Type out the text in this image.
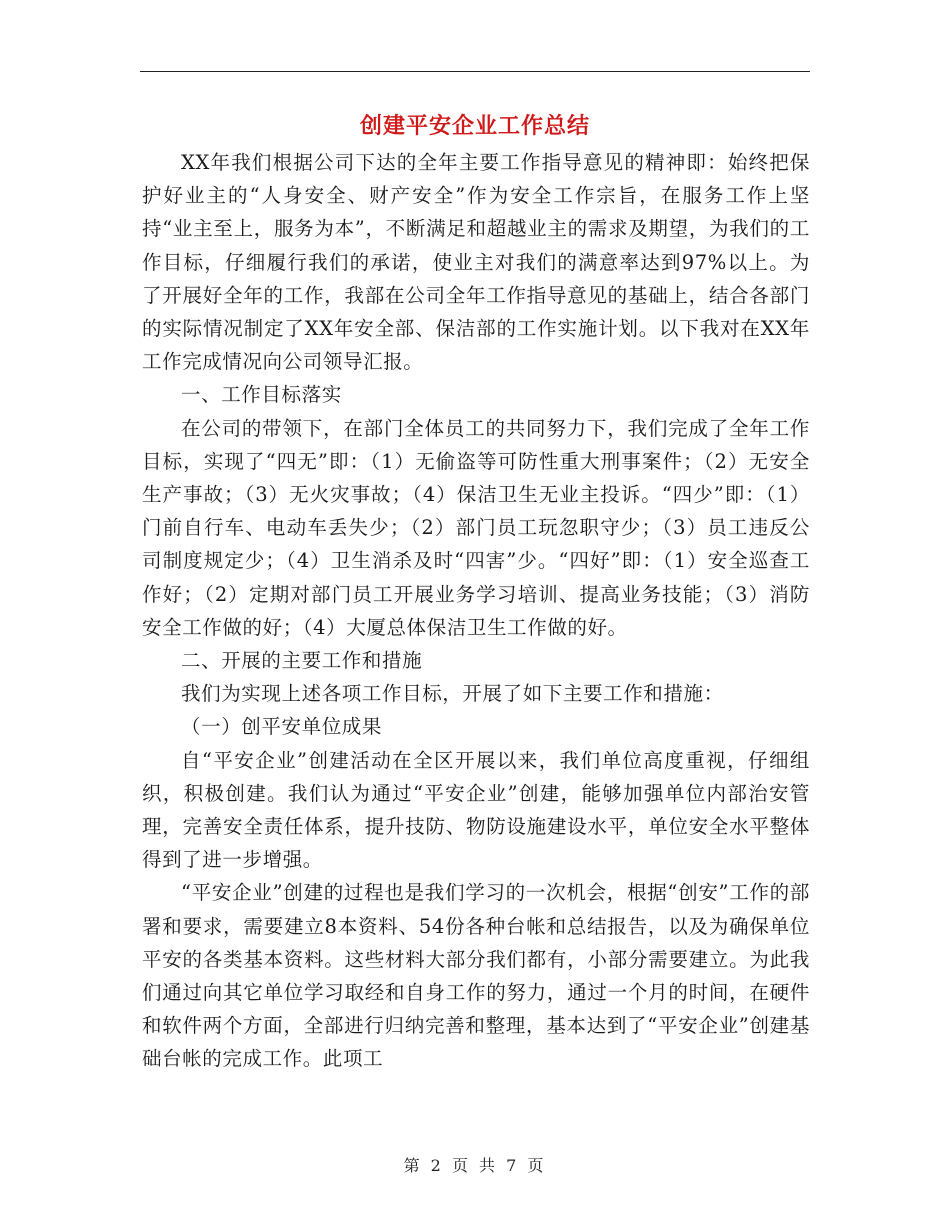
创建平安企业工作总结

XX年我们根据公司下达的全年主要工作指导意见的精神即：始终把保护好业主的“人身安全、财产安全”作为安全工作宗旨，在服务工作上坚持“业主至上，服务为本”，不断满足和超越业主的需求及期望，为我们的工作目标，仔细履行我们的承诺，使业主对我们的满意率达到97%以上。为了开展好全年的工作，我部在公司全年工作指导意见的基础上，结合各部门的实际情况制定了XX年安全部、保洁部的工作实施计划。以下我对在XX年工作完成情况向公司领导汇报。

一、工作目标落实

在公司的带领下，在部门全体员工的共同努力下，我们完成了全年工作目标，实现了“四无”即：（1）无偷盗等可防性重大刑事案件；（2）无安全生产事故；（3）无火灾事故；（4）保洁卫生无业主投诉。“四少”即：（1）门前自行车、电动车丢失少；（2）部门员工玩忽职守少；（3）员工违反公司制度规定少；（4）卫生消杀及时“四害”少。“四好”即：（1）安全巡查工作好；（2）定期对部门员工开展业务学习培训、提高业务技能；（3）消防安全工作做的好；（4）大厦总体保洁卫生工作做的好。

二、开展的主要工作和措施

我们为实现上述各项工作目标，开展了如下主要工作和措施：

（一）创平安单位成果

自“平安企业”创建活动在全区开展以来，我们单位高度重视，仔细组织，积极创建。我们认为通过“平安企业”创建，能够加强单位内部治安管理，完善安全责任体系，提升技防、物防设施建设水平，单位安全水平整体得到了进一步增强。

“平安企业”创建的过程也是我们学习的一次机会，根据“创安”工作的部署和要求，需要建立8本资料、54份各种台帐和总结报告，以及为确保单位平安的各类基本资料。这些材料大部分我们都有，小部分需要建立。为此我们通过向其它单位学习取经和自身工作的努力，通过一个月的时间，在硬件和软件两个方面，全部进行归纳完善和整理，基本达到了“平安企业”创建基础台帐的完成工作。此项工

第 2 页 共 7 页
